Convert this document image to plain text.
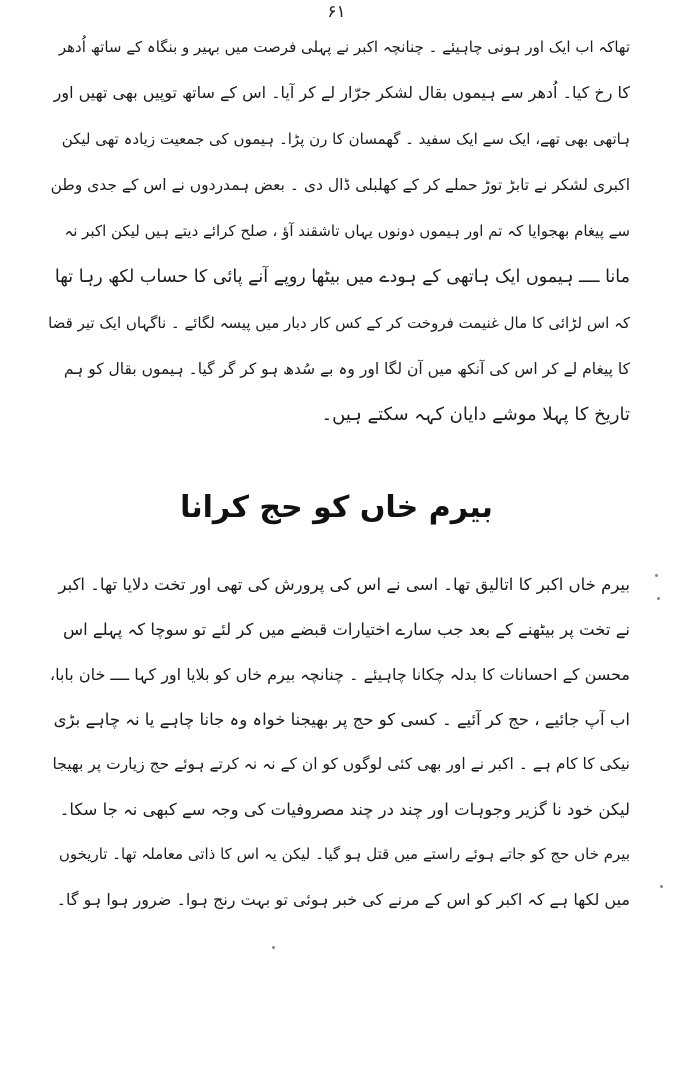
۶۱
تھاکہ اب ایک اور ہونی چاہیئے ۔ چنانچہ اکبر نے پہلی فرصت میں بہیر و بنگاہ کے ساتھ اُدھر
کا رخ کیا۔ اُدھر سے ہیموں بقال لشکر جرّار لے کر آیا۔ اس کے ساتھ توپیں بھی تھیں اور
ہاتھی بھی تھے، ایک سے ایک سفید ۔ گھمسان کا رن پڑا۔ ہیموں کی جمعیت زیادہ تھی لیکن
اکبری لشکر نے تابڑ توڑ حملے کر کے کھلبلی ڈال دی ۔ بعض ہمدردوں نے اس کے جدی وطن
سے پیغام بھجوایا کہ تم اور ہیموں دونوں یہاں تاشقند آؤ ، صلح کرائے دیتے ہیں لیکن اکبر نہ
مانا ــــ ہیموں ایک ہاتھی کے ہودے میں بیٹھا روپے آنے پائی کا حساب لکھ رہا تھا
کہ اس لڑائی کا مال غنیمت فروخت کر کے کس کار دبار میں پیسہ لگائے ۔ ناگہاں ایک تیر قضا
کا پیغام لے کر اس کی آنکھ میں آن لگا اور وہ بے سُدھ ہو کر گر گیا۔ ہیموں بقال کو ہم
تاریخ کا پہلا موشے دایان کہہ سکتے ہیں۔
بیرم خاں کو حج کرانا
بیرم خاں اکبر کا اتالیق تھا۔ اسی نے اس کی پرورش کی تھی اور تخت دلایا تھا۔ اکبر
نے تخت پر بیٹھنے کے بعد جب سارے اختیارات قبضے میں کر لئے تو سوچا کہ پہلے اس
محسن کے احسانات کا بدلہ چکانا چاہیئے ۔ چنانچہ بیرم خاں کو بلایا اور کہا ــــ خان بابا،
اب آپ جائیے ، حج کر آئیے ۔ کسی کو حج پر بھیجنا خواہ وہ جانا چاہے یا نہ چاہے بڑی
نیکی کا کام ہے ۔ اکبر نے اور بھی کئی لوگوں کو ان کے نہ نہ کرتے ہوئے حج زیارت پر بھیجا
لیکن خود نا گزیر وجوہات اور چند در چند مصروفیات کی وجہ سے کبھی نہ جا سکا۔
بیرم خاں حج کو جاتے ہوئے راستے میں قتل ہو گیا۔ لیکن یہ اس کا ذاتی معاملہ تھا۔ تاریخوں
میں لکھا ہے کہ اکبر کو اس کے مرنے کی خبر ہوئی تو بہت رنج ہوا۔ ضرور ہوا ہو گا۔
